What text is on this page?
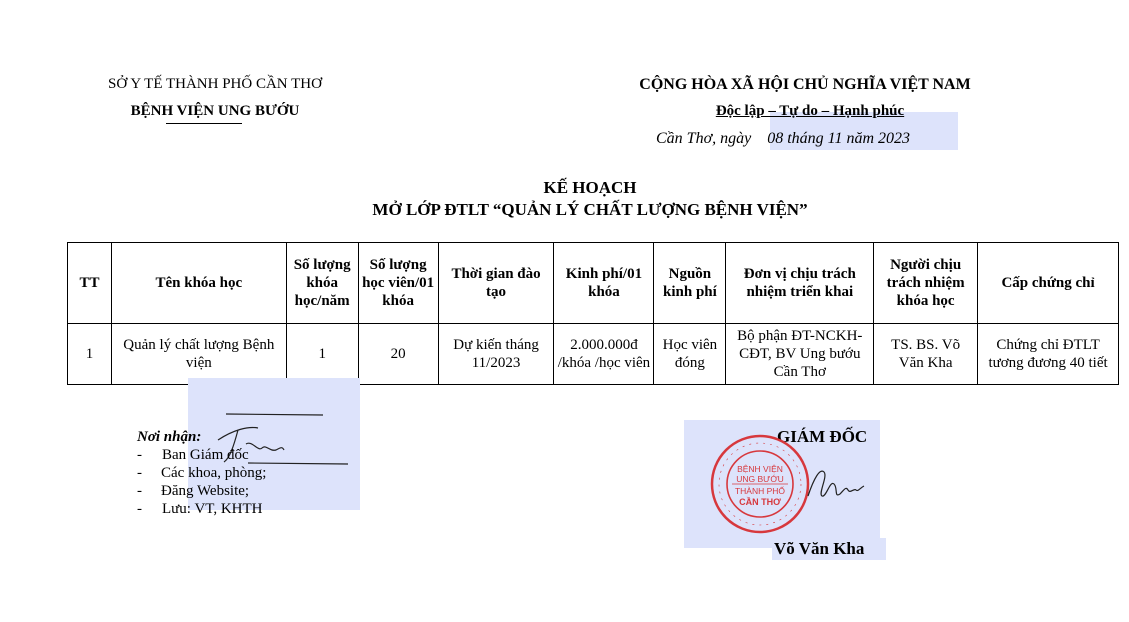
SỞ Y TẾ THÀNH PHỐ CẦN THƠ
BỆNH VIỆN UNG BƯỚU
CỘNG HÒA XÃ HỘI CHỦ NGHĨA VIỆT NAM
Độc lập – Tự do – Hạnh phúc
Cần Thơ, ngày 08 tháng 11 năm 2023
KẾ HOẠCH
MỞ LỚP ĐTLT “QUẢN LÝ CHẤT LƯỢNG BỆNH VIỆN”
TT	Tên khóa học	Số lượng khóa học/năm	Số lượng học viên/01 khóa	Thời gian đào tạo	Kinh phí/01 khóa	Nguồn kinh phí	Đơn vị chịu trách nhiệm triển khai	Người chịu trách nhiệm khóa học	Cấp chứng chỉ
1	Quản lý chất lượng Bệnh viện	1	20	Dự kiến tháng 11/2023	2.000.000đ /khóa /học viên	Học viên đóng	Bộ phận ĐT-NCKH-CĐT, BV Ung bướu Cần Thơ	TS. BS. Võ Văn Kha	Chứng chỉ ĐTLT tương đương 40 tiết
Nơi nhận:
- Ban Giám đốc
- Các khoa, phòng;
- Đăng Website;
- Lưu: VT, KHTH
GIÁM ĐỐC
BỆNH VIỆN
UNG BƯỚU
THÀNH PHỐ
CẦN THƠ
Võ Văn Kha
